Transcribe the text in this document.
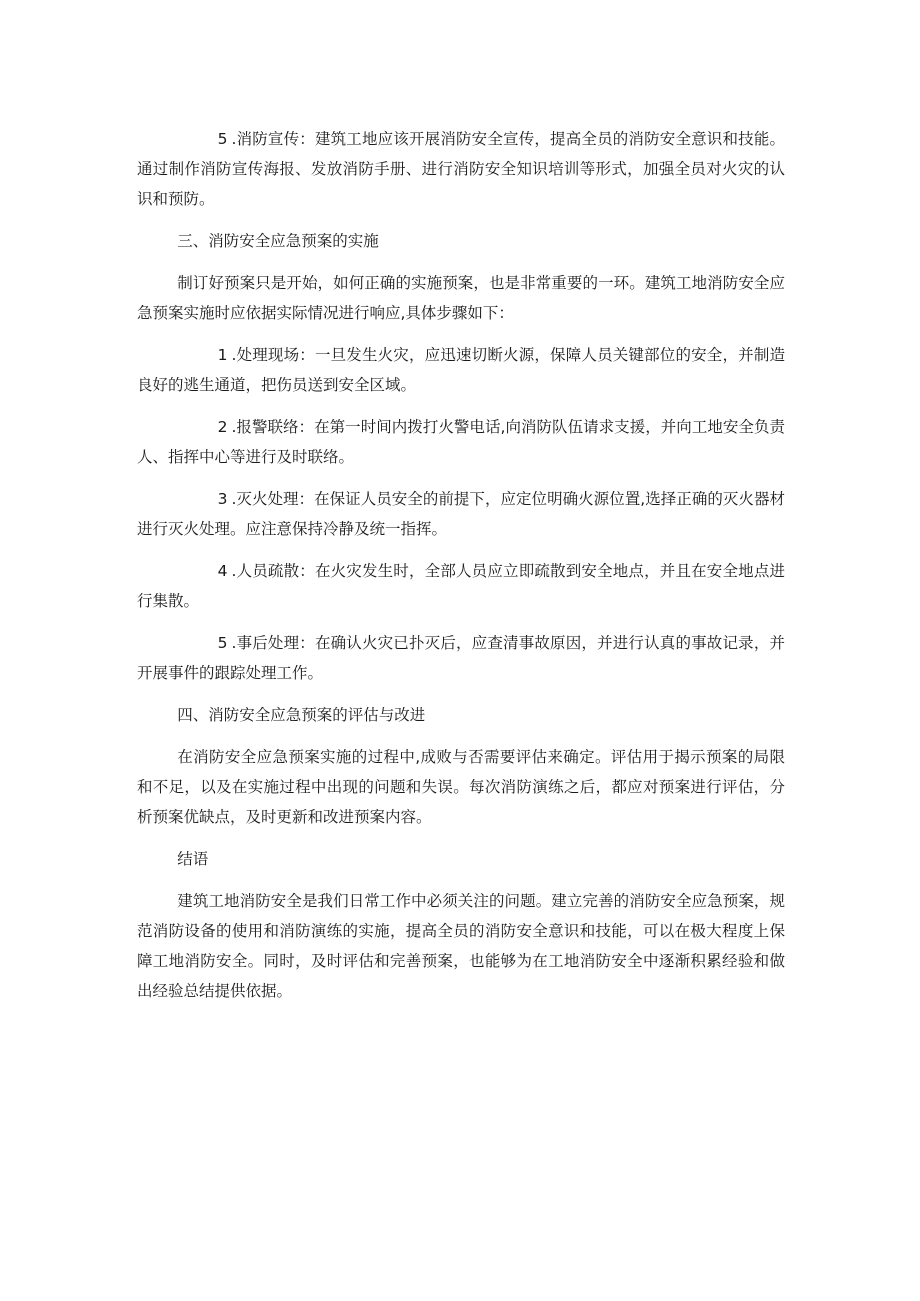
5 .消防宣传：建筑工地应该开展消防安全宣传，提高全员的消防安全意识和技能。通过制作消防宣传海报、发放消防手册、进行消防安全知识培训等形式，加强全员对火灾的认识和预防。

三、消防安全应急预案的实施

制订好预案只是开始，如何正确的实施预案，也是非常重要的一环。建筑工地消防安全应急预案实施时应依据实际情况进行响应,具体步骤如下：

1 .处理现场：一旦发生火灾，应迅速切断火源，保障人员关键部位的安全，并制造良好的逃生通道，把伤员送到安全区域。

2 .报警联络：在第一时间内拨打火警电话,向消防队伍请求支援，并向工地安全负责人、指挥中心等进行及时联络。

3 .灭火处理：在保证人员安全的前提下，应定位明确火源位置,选择正确的灭火器材进行灭火处理。应注意保持冷静及统一指挥。

4 .人员疏散：在火灾发生时，全部人员应立即疏散到安全地点，并且在安全地点进行集散。

5 .事后处理：在确认火灾已扑灭后，应查清事故原因，并进行认真的事故记录，并开展事件的跟踪处理工作。

四、消防安全应急预案的评估与改进

在消防安全应急预案实施的过程中,成败与否需要评估来确定。评估用于揭示预案的局限和不足，以及在实施过程中出现的问题和失误。每次消防演练之后，都应对预案进行评估，分析预案优缺点，及时更新和改进预案内容。

结语

建筑工地消防安全是我们日常工作中必须关注的问题。建立完善的消防安全应急预案，规范消防设备的使用和消防演练的实施，提高全员的消防安全意识和技能，可以在极大程度上保障工地消防安全。同时，及时评估和完善预案，也能够为在工地消防安全中逐渐积累经验和做出经验总结提供依据。
